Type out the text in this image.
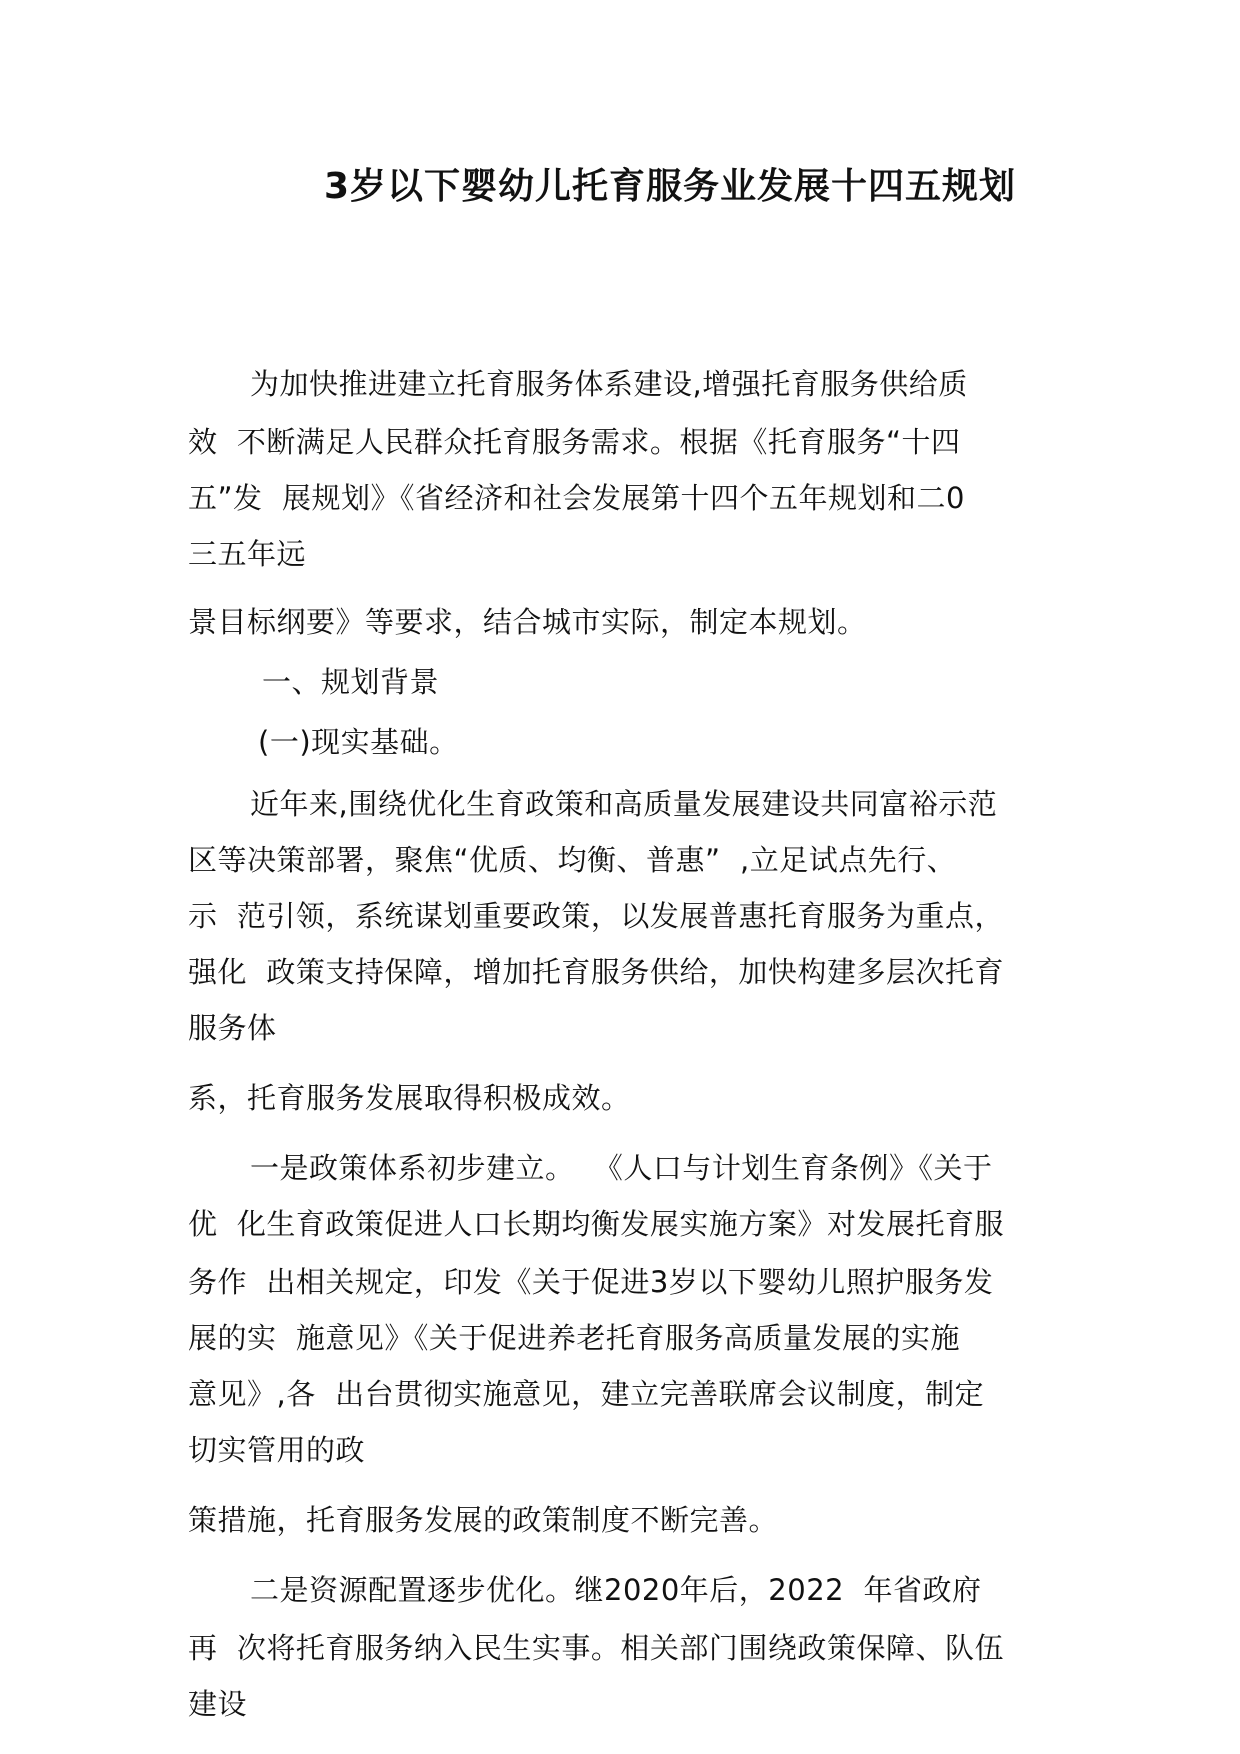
3岁以下婴幼儿托育服务业发展十四五规划
为加快推进建立托育服务体系建设,增强托育服务供给质
效  不断满足人民群众托育服务需求。根据《托育服务“十四
五”发  展规划》《省经济和社会发展第十四个五年规划和二0
三五年远
景目标纲要》等要求，结合城市实际，制定本规划。
一、规划背景
(一)现实基础。
近年来,围绕优化生育政策和高质量发展建设共同富裕示范
区等决策部署，聚焦“优质、均衡、普惠”  ,立足试点先行、
示  范引领，系统谋划重要政策，以发展普惠托育服务为重点，
强化  政策支持保障，增加托育服务供给，加快构建多层次托育
服务体
系，托育服务发展取得积极成效。
一是政策体系初步建立。  《人口与计划生育条例》《关于
优  化生育政策促进人口长期均衡发展实施方案》对发展托育服
务作  出相关规定，印发《关于促进3岁以下婴幼儿照护服务发
展的实  施意见》《关于促进养老托育服务高质量发展的实施
意见》,各  出台贯彻实施意见，建立完善联席会议制度，制定
切实管用的政
策措施，托育服务发展的政策制度不断完善。
二是资源配置逐步优化。继2020年后，2022  年省政府
再  次将托育服务纳入民生实事。相关部门围绕政策保障、队伍
建设
